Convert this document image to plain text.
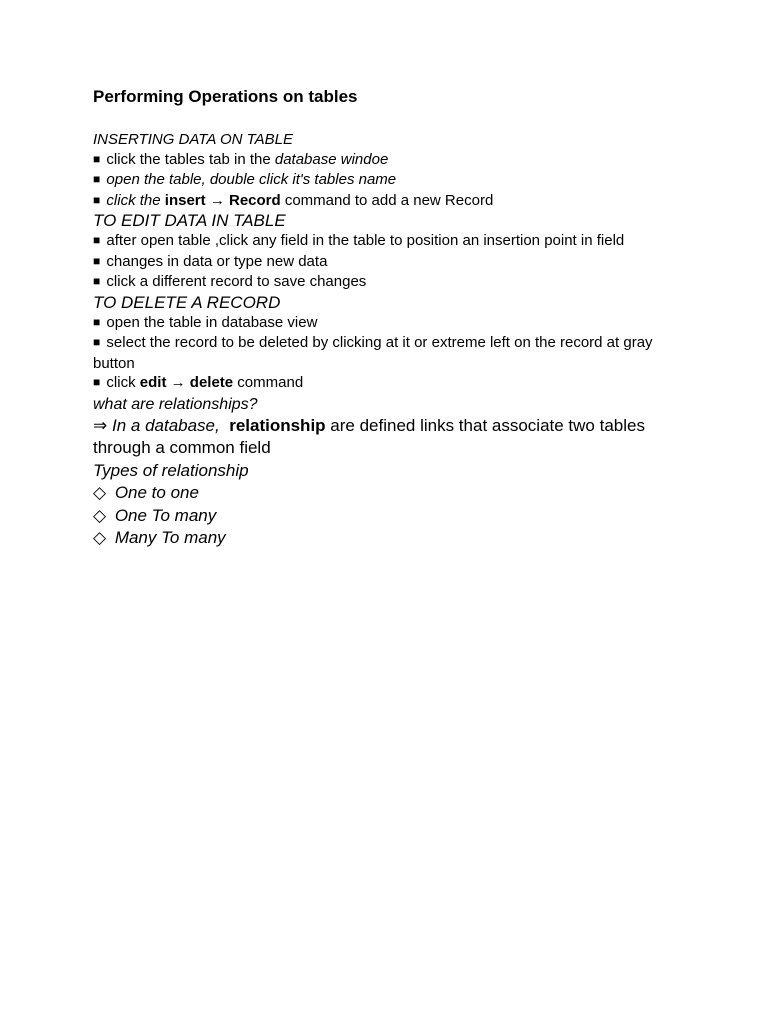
Performing Operations on tables
INSERTING DATA ON TABLE
■ click the tables tab in the database windoe
■ open the table, double click it's tables name
■ click the insert → Record command to add a new Record
TO EDIT DATA IN TABLE
■ after open table ,click any field in the table to position an insertion point in field
■ changes in data or type new data
■ click a different record to save changes
TO DELETE A RECORD
■ open the table in database view
■ select the record to be deleted by clicking at it or extreme left on the record at gray button
■ click edit → delete command
what are relationships?
⇒ In a database, relationship are defined links that associate two tables through a common field
Types of relationship
◇ One to one
◇ One To many
◇ Many To many
